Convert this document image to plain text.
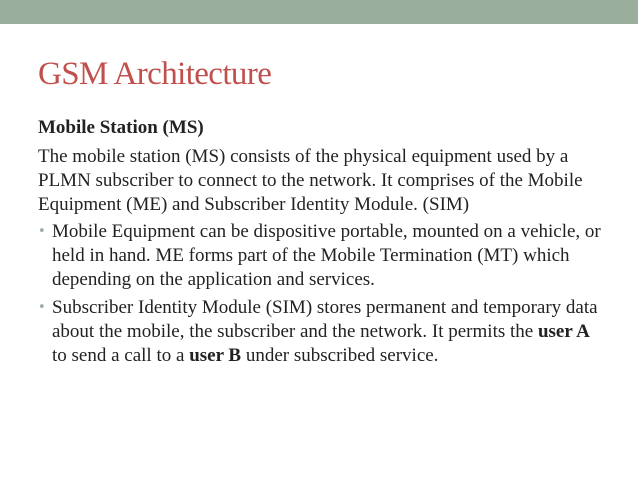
GSM Architecture
Mobile Station (MS)

The mobile station (MS) consists of the physical equipment used by a PLMN subscriber to connect to the network. It comprises of the Mobile Equipment (ME) and Subscriber Identity Module. (SIM)

• Mobile Equipment can be dispositive portable, mounted on a vehicle, or held in hand. ME forms part of the Mobile Termination (MT) which depending on the application and services.
• Subscriber Identity Module (SIM) stores permanent and temporary data about the mobile, the subscriber and the network. It permits the user A to send a call to a user B under subscribed service.
